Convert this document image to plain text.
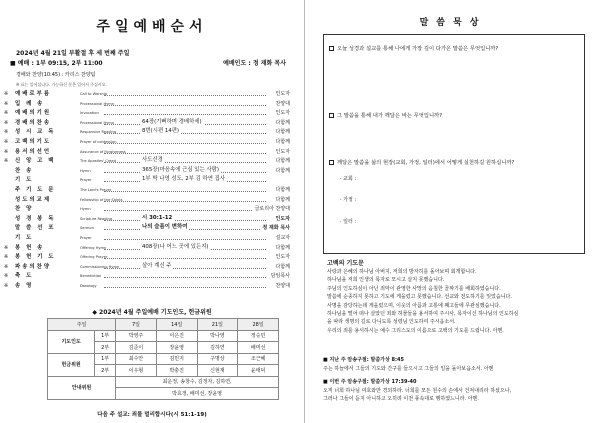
주일예배순서
2024년 4월 21일 부활절 후 세 번째 주일
■ 예배 : 1부 09:15, 2부 11:00	예배인도 : 정 재화 목사
경배와 찬양(10:45) : 카리스 찬양팀
※ 표는 일어섭니다. 가능하신 분은 일어서 주십시오.
※ 예배로부름	Call to Worship	인도자
※ 입 례 송	Processional Hymn	찬양대
※ 예배의기원	Invocation	인도자
※ 경배의찬송	Processional Hymn	64장(기뻐하며 경배하세)	다함께
※ 성 시 교 독	Responsive Reading	8번(시편 14편)	다함께
※ 고백의기도	Prayer of confession	다함께
※ 용서의선언	Assurance of Forgiveness	인도자
※ 신 앙 고 백	The Apostles' Creed	사도신경	다함께
찬 송	Hymn	365장(마음속에 근심 있는 사람)	다함께
기 도	Prayer	1부 박 나영 성도, 2부 김 하연 집사
주 기 도 문	The Lord's Prayer	다함께
성도의교제	Fellowship of the Saints	다함께
찬 양	Hymn	글로리아 찬양대
성 경 봉 독	Scripture Reading	시 30:1-12	인도자
말 씀 선 포	Sermon	나의 슬픔이 변하여	정 재화 목사
기 도	Prayer	설교자
※ 봉 헌 송	Offering Hymn	408장(나 어느 곳에 있든지)	다함께
※ 봉 헌 기 도	Offering Prayer	인도자
※ 파송의찬양	Commissioning Hymn	살아 계신 주	다함께
※ 축 도	Benediction	담임목사
※ 송 영	Doxology	찬양대
◆ 2024년 4월 주일예배 기도인도, 헌금위원
주일		7일	14일	21일	28일
기도인도	1부	박영주	이은진	박나영	정승민
	2부	김준이	장윤영	김하연	배미선
헌금위원	1부	최수안	김민지	구명상	조근혜
	2부	이우형	박충진	신현재	윤태덕
안내위원		최운정, 송창수, 김정자, 김하연,			
		박효정, 배미선, 장윤영			
다음 주 설교: 죄를 멀리합시다(시 51:1-19)
말씀묵상
오늘 성경과 설교를 통해 나에게 가장 깊이 다가온 말씀은 무엇입니까?
그 말씀을 통해 내가 깨달은 바는 무엇입니까?
깨달은 말씀을 삶의 현장(교회, 가정, 일터)에서 어떻게 실천하길 원하십니까?
· 교회 :
· 가정 :
· 일터 :
고백의 기도문
사랑과 은혜의 하나님 아버지, 저희의 방자히를 돌아보며 회개합니다.
하나님을 저희 인생의 목자로 모시고 살지 못했습니다.
주님의 인도하심이 아닌 죄악이 관영한 사망의 음침한 골짜기를 배회하였습니다.
말씀에 순종하지 못하고 기도에 게을렀고 못했습니다. 선교와 전도하기를 잊었습니다.
사명을 감당하는데 게을렀으며, 이웃의 아픔과 고통에 째고들에 무관심했습니다.
하나님을 떨어 떠나 살았던 죄와 허물들을 용서하여 주시사, 목자이신 하나님의 인도하심
을 따라 생명의 길로 다니도록 성령님 인도하여 주시옵소서.
우리의 죄를 용서하시는 예수 그리스도의 이름으로 고백의 기도를 드립니다. 아멘.
■ 지난 주 암송구절: 말씀가상 8:45
주는 하늘에서 그들의 기도와 간구를 들으시고 그들의 일을 돌아보옵소서. 아멘
■ 이번 주 암송구절: 말씀가상 17:39-40
오직 너희 하나님 여호와만 경외하라. 너희를 모든 원수의 손에서 건져내리라 하셨으나,
그러나 그들이 듣지 아니하고 오히려 이전 풍속대로 행하였느니라. 아멘.
